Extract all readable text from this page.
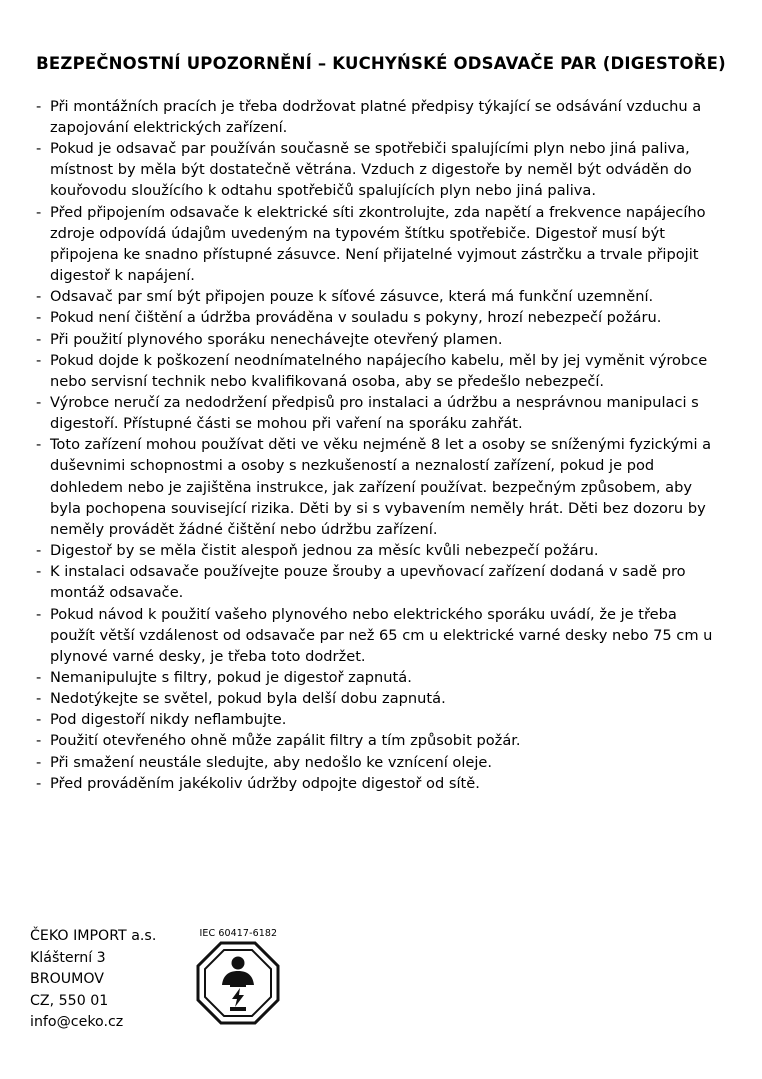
BEZPEČNOSTNÍ UPOZORNĚNÍ – KUCHYŃSKÉ ODSAVAČE PAR (DIGESTOŘE)
- Při montážních pracích je třeba dodržovat platné předpisy týkající se odsávání vzduchu a zapojování elektrických zařízení.
- Pokud je odsavač par používán současně se spotřebiči spalujícími plyn nebo jiná paliva, místnost by měla být dostatečně větrána. Vzduch z digestoře by neměl být odváděn do kouřovodu sloužícího k odtahu spotřebičů spalujících plyn nebo jiná paliva.
- Před připojením odsavače k elektrické síti zkontrolujte, zda napětí a frekvence napájecího zdroje odpovídá údajům uvedeným na typovém štítku spotřebiče. Digestoř musí být připojena ke snadno přístupné zásuvce. Není přijatelné vyjmout zástrčku a trvale připojit digestoř k napájení.
- Odsavač par smí být připojen pouze k síťové zásuvce, která má funkční uzemnění.
- Pokud není čištění a údržba prováděna v souladu s pokyny, hrozí nebezpečí požáru.
- Při použití plynového sporáku nenechávejte otevřený plamen.
- Pokud dojde k poškození neodnímatelného napájecího kabelu, měl by jej vyměnit výrobce nebo servisní technik nebo kvalifikovaná osoba, aby se předešlo nebezpečí.
- Výrobce neručí za nedodržení předpisů pro instalaci a údržbu a nesprávnou manipulaci s digestoří. Přístupné části se mohou při vaření na sporáku zahřát.
- Toto zařízení mohou používat děti ve věku nejméně 8 let a osoby se sníženými fyzickými a duševnimi schopnostmi a osoby s nezkušeností a neznalostí zařízení, pokud je pod dohledem nebo je zajištěna instrukce, jak zařízení používat. bezpečným způsobem, aby byla pochopena související rizika. Děti by si s vybavením neměly hrát. Děti bez dozoru by neměly provádět žádné čištění nebo údržbu zařízení.
- Digestoř by se měla čistit alespoň jednou za měsíc kvůli nebezpečí požáru.
- K instalaci odsavače používejte pouze šrouby a upevňovací zařízení dodaná v sadě pro montáž odsavače.
- Pokud návod k použití vašeho plynového nebo elektrického sporáku uvádí, že je třeba použít větší vzdálenost od odsavače par než 65 cm u elektrické varné desky nebo 75 cm u plynové varné desky, je třeba toto dodržet.
- Nemanipulujte s filtry, pokud je digestoř zapnutá.
- Nedotýkejte se světel, pokud byla delší dobu zapnutá.
- Pod digestoří nikdy neflambujte.
- Použití otevřeného ohně může zapálit filtry a tím způsobit požár.
- Při smažení neustále sledujte, aby nedošlo ke vznícení oleje.
- Před prováděním jakékoliv údržby odpojte digestoř od sítě.
ČEKO IMPORT a.s.
Klášterní 3
BROUMOV
CZ, 550 01
info@ceko.cz
IEC 60417-6182
